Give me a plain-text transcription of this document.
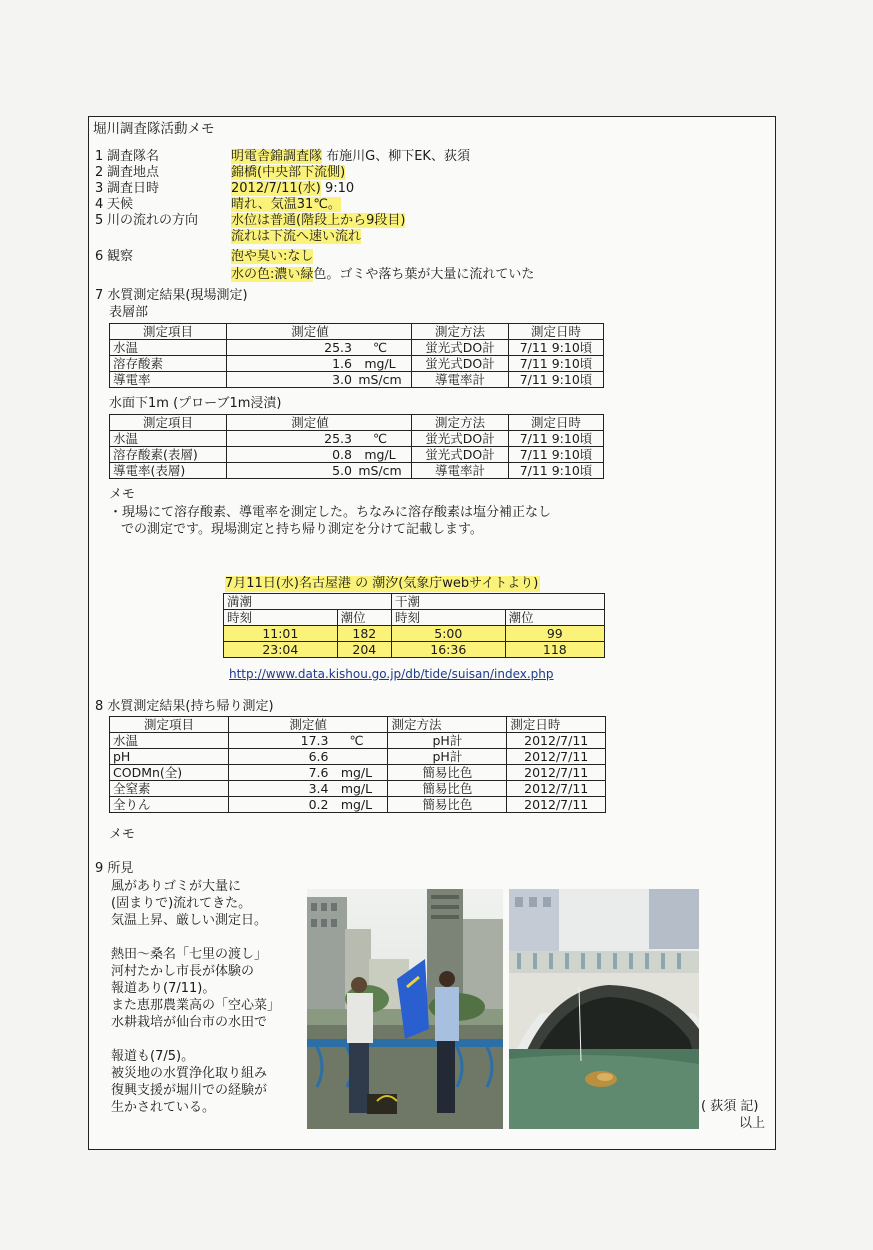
堀川調査隊活動メモ
1 調査隊名	明電舎錦調査隊 布施川G、柳下EK、荻須
2 調査地点	錦橋(中央部下流側)
3 調査日時	2012/7/11(水) 9:10
4 天候	晴れ、気温31℃。
5 川の流れの方向	水位は普通(階段上から9段目)
流れは下流へ速い流れ
6 観察	泡や臭い:なし
水の色:濃い緑色。ゴミや落ち葉が大量に流れていた
7 水質測定結果(現場測定)
表層部
測定項目	測定値		測定方法	測定日時
水温	25.3 ℃		蛍光式DO計	7/11 9:10頃
溶存酸素	1.6 mg/L		蛍光式DO計	7/11 9:10頃
導電率	3.0 mS/cm		導電率計	7/11 9:10頃
水面下1m (プローブ1m浸漬)
測定項目	測定値		測定方法	測定日時
水温	25.3 ℃		蛍光式DO計	7/11 9:10頃
溶存酸素(表層)	0.8 mg/L		蛍光式DO計	7/11 9:10頃
導電率(表層)	5.0 mS/cm		導電率計	7/11 9:10頃
メモ
・現場にて溶存酸素、導電率を測定した。ちなみに溶存酸素は塩分補正なし
での測定です。現場測定と持ち帰り測定を分けて記載します。
7月11日(水)名古屋港 の 潮汐(気象庁webサイトより)
満潮		干潮	
時刻	潮位	時刻	潮位
11:01	182	5:00	99
23:04	204	16:36	118
http://www.data.kishou.go.jp/db/tide/suisan/index.php
8 水質測定結果(持ち帰り測定)
測定項目	測定値	測定方法	測定日時
水温	17.3 ℃	pH計	2012/7/11
pH	6.6	pH計	2012/7/11
CODMn(全)	7.6 mg/L	簡易比色	2012/7/11
全窒素	3.4 mg/L	簡易比色	2012/7/11
全りん	0.2 mg/L	簡易比色	2012/7/11
メモ
9 所見
風がありゴミが大量に
(固まりで)流れてきた。
気温上昇、厳しい測定日。
熱田～桑名「七里の渡し」
河村たかし市長が体験の
報道あり(7/11)。
また恵那農業高の「空心菜」
水耕栽培が仙台市の水田で
報道も(7/5)。
被災地の水質浄化取り組み
復興支援が堀川での経験が
生かされている。	( 荻須 記)
以上
